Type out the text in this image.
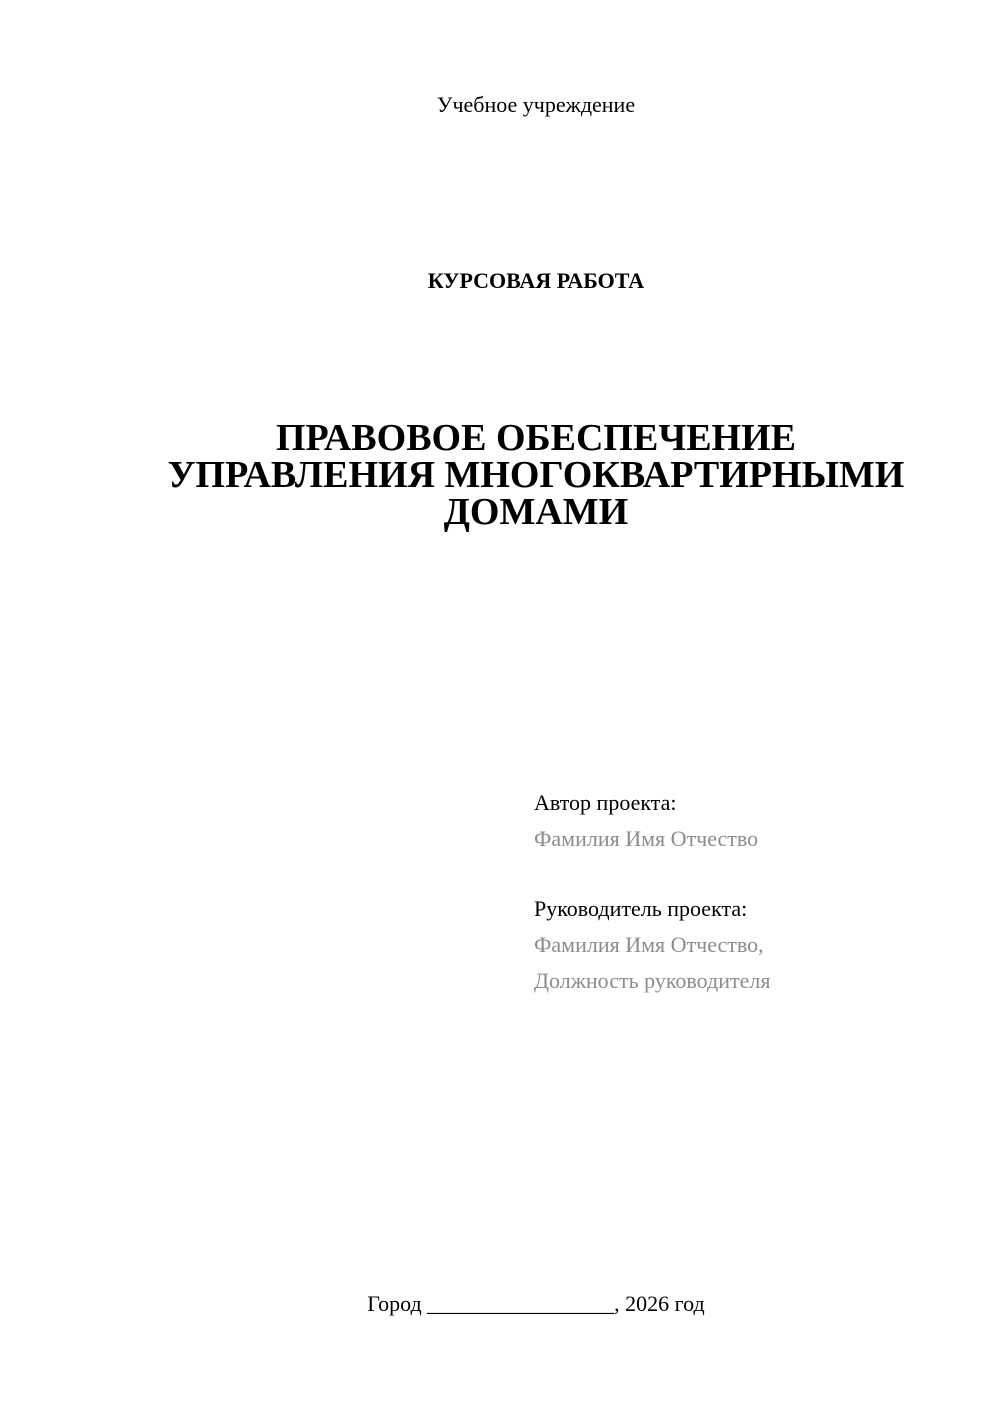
Учебное учреждение
КУРСОВАЯ РАБОТА
ПРАВОВОЕ ОБЕСПЕЧЕНИЕ
УПРАВЛЕНИЯ МНОГОКВАРТИРНЫМИ
ДОМАМИ
Автор проекта:
Фамилия Имя Отчество
Руководитель проекта:
Фамилия Имя Отчество,
Должность руководителя
Город _________________, 2026 год
